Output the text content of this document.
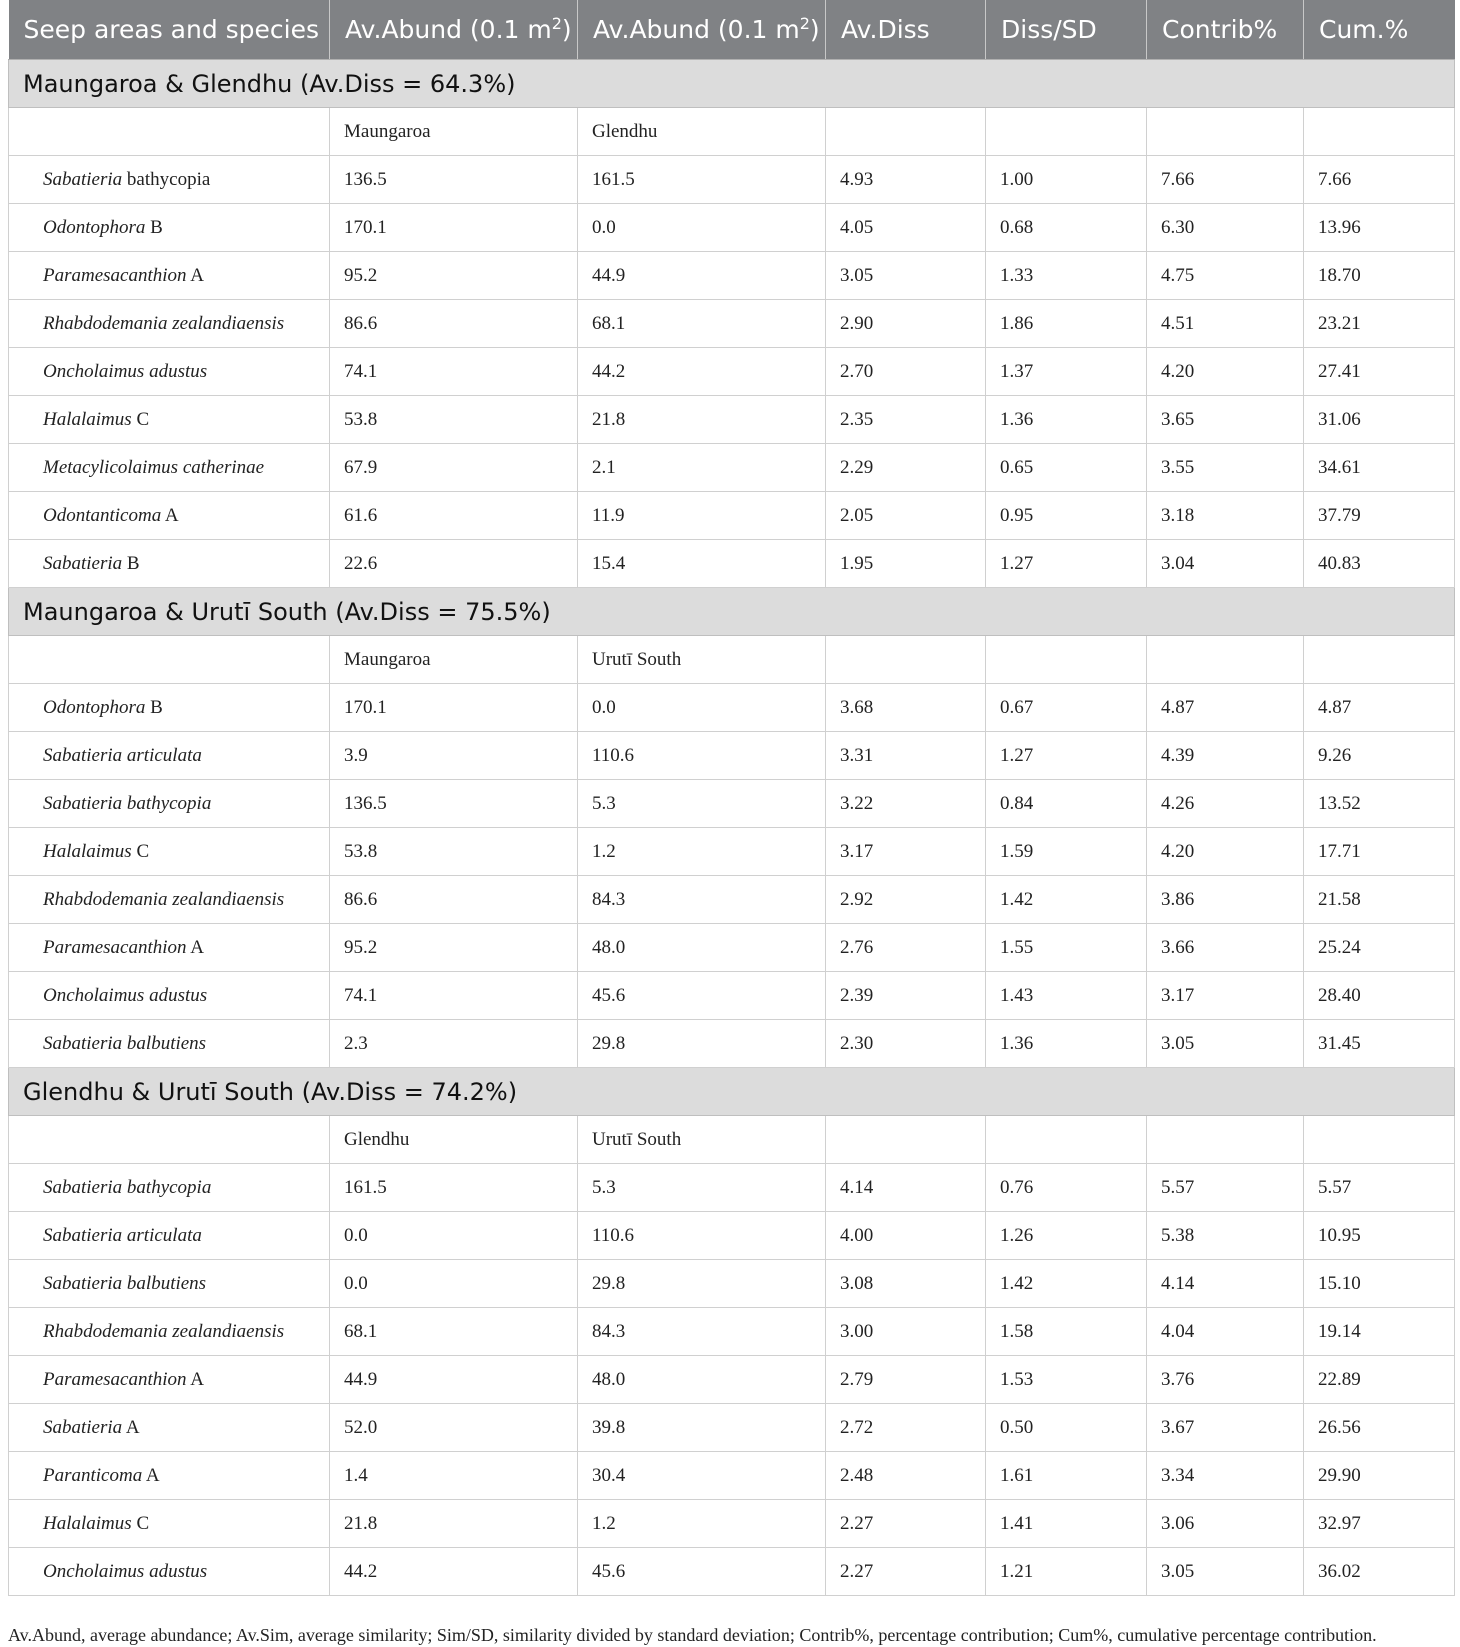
Seep areas and species	Av.Abund (0.1 $m^2$)	Av.Abund (0.1 $m^2$)	Av.Diss	Diss/SD	Contrib%	Cum.%
Maungaroa & Glendhu (Av.Diss = 64.3%)						
	Maungaroa	Glendhu				
Sabatieria bathycopia	136.5	161.5	4.93	1.00	7.66	7.66
Odontophora B	170.1	0.0	4.05	0.68	6.30	13.96
Paramesacanthion A	95.2	44.9	3.05	1.33	4.75	18.70
Rhabdodemania zealandiaensis	86.6	68.1	2.90	1.86	4.51	23.21
Oncholaimus adustus	74.1	44.2	2.70	1.37	4.20	27.41
Halalaimus C	53.8	21.8	2.35	1.36	3.65	31.06
Metacylicolaimus catherinae	67.9	2.1	2.29	0.65	3.55	34.61
Odontanticoma A	61.6	11.9	2.05	0.95	3.18	37.79
Sabatieria B	22.6	15.4	1.95	1.27	3.04	40.83
Maungaroa & Urutī South (Av.Diss = 75.5%)						
	Maungaroa	Urutī South				
Odontophora B	170.1	0.0	3.68	0.67	4.87	4.87
Sabatieria articulata	3.9	110.6	3.31	1.27	4.39	9.26
Sabatieria bathycopia	136.5	5.3	3.22	0.84	4.26	13.52
Halalaimus C	53.8	1.2	3.17	1.59	4.20	17.71
Rhabdodemania zealandiaensis	86.6	84.3	2.92	1.42	3.86	21.58
Paramesacanthion A	95.2	48.0	2.76	1.55	3.66	25.24
Oncholaimus adustus	74.1	45.6	2.39	1.43	3.17	28.40
Sabatieria balbutiens	2.3	29.8	2.30	1.36	3.05	31.45
Glendhu & Urutī South (Av.Diss = 74.2%)						
	Glendhu	Urutī South				
Sabatieria bathycopia	161.5	5.3	4.14	0.76	5.57	5.57
Sabatieria articulata	0.0	110.6	4.00	1.26	5.38	10.95
Sabatieria balbutiens	0.0	29.8	3.08	1.42	4.14	15.10
Rhabdodemania zealandiaensis	68.1	84.3	3.00	1.58	4.04	19.14
Paramesacanthion A	44.9	48.0	2.79	1.53	3.76	22.89
Sabatieria A	52.0	39.8	2.72	0.50	3.67	26.56
Paranticoma A	1.4	30.4	2.48	1.61	3.34	29.90
Halalaimus C	21.8	1.2	2.27	1.41	3.06	32.97
Oncholaimus adustus	44.2	45.6	2.27	1.21	3.05	36.02
Av.Abund, average abundance; Av.Sim, average similarity; Sim/SD, similarity divided by standard deviation; Contrib%, percentage contribution; Cum%, cumulative percentage contribution.
